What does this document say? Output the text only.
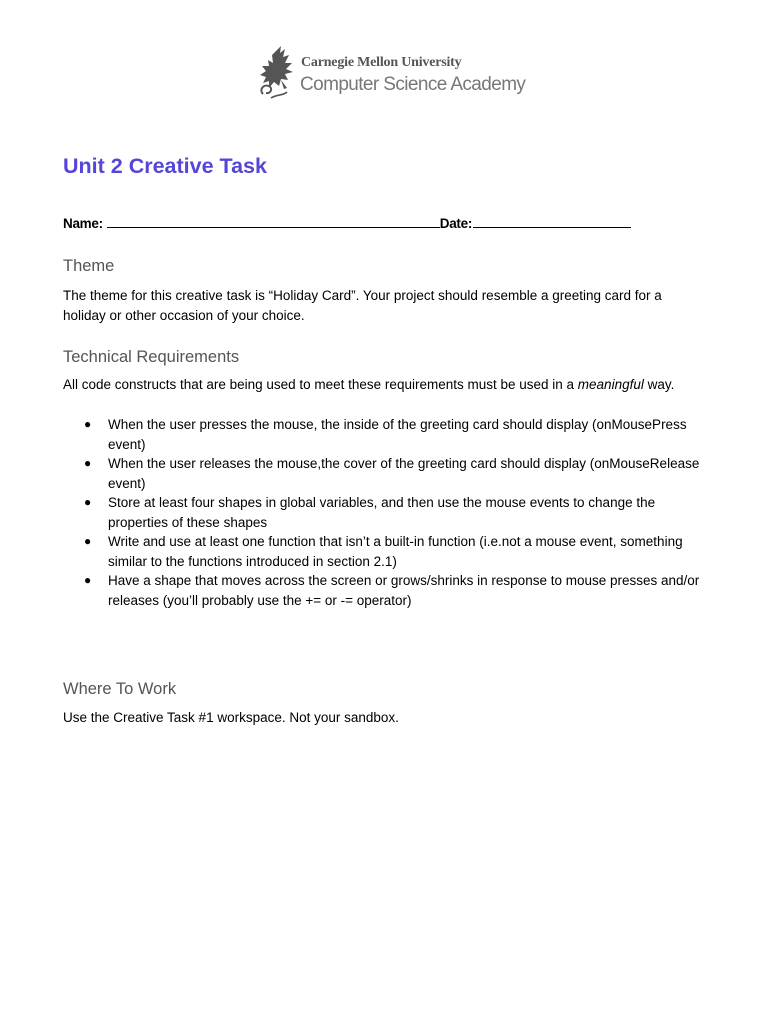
Carnegie Mellon University
Computer Science Academy
Unit 2 Creative Task
Name:	Date:
Theme

The theme for this creative task is “Holiday Card”. Your project should resemble a greeting card for a holiday or other occasion of your choice.

Technical Requirements

All code constructs that are being used to meet these requirements must be used in a meaningful way.

● When the user presses the mouse, the inside of the greeting card should display (onMousePress event)
● When the user releases the mouse,the cover of the greeting card should display (onMouseRelease event)
● Store at least four shapes in global variables, and then use the mouse events to change the properties of these shapes
● Write and use at least one function that isn’t a built-in function (i.e.not a mouse event, something similar to the functions introduced in section 2.1)
● Have a shape that moves across the screen or grows/shrinks in response to mouse presses and/or releases (you’ll probably use the += or -= operator)
Where To Work

Use the Creative Task #1 workspace. Not your sandbox.
